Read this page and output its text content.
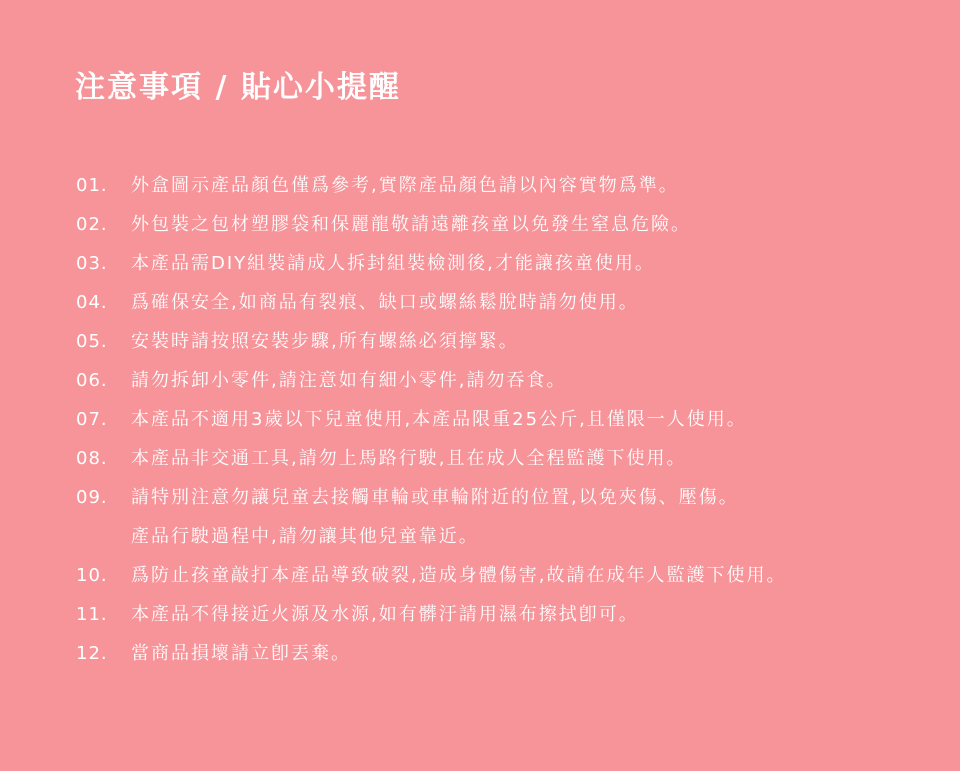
注意事項 / 貼心小提醒
01.	外盒圖示產品顏色僅爲參考,實際產品顏色請以內容實物爲準。
02.	外包裝之包材塑膠袋和保麗龍敬請遠離孩童以免發生窒息危險。
03.	本產品需DIY組裝請成人拆封組裝檢測後,才能讓孩童使用。
04.	爲確保安全,如商品有裂痕、缺口或螺絲鬆脫時請勿使用。
05.	安裝時請按照安裝步驟,所有螺絲必須擰緊。
06.	請勿拆卸小零件,請注意如有細小零件,請勿吞食。
07.	本產品不適用3歲以下兒童使用,本產品限重25公斤,且僅限一人使用。
08.	本產品非交通工具,請勿上馬路行駛,且在成人全程監護下使用。
09.	請特別注意勿讓兒童去接觸車輪或車輪附近的位置,以免夾傷、壓傷。
產品行駛過程中,請勿讓其他兒童靠近。
10.	爲防止孩童敲打本產品導致破裂,造成身體傷害,故請在成年人監護下使用。
11.	本產品不得接近火源及水源,如有髒汙請用濕布擦拭卽可。
12.	當商品損壞請立卽丟棄。
